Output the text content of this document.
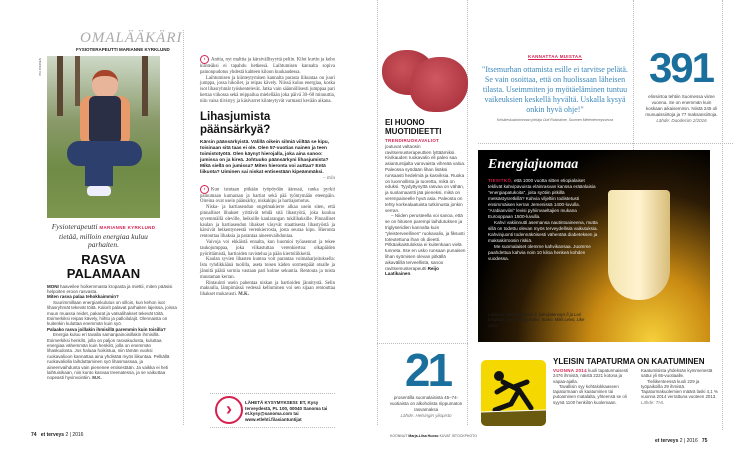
OMALÄÄKÄRI
FYSIOTERAPEUTTI MARIANNE KYRKLUND
PIA INKINEN
Fysioterapeutti MARIANNE KYRKLUND tietää, milloin energiaa kuluu parhaiten.
RASVA PALAMAAN
MONI haaveilee hoikemmasta kropasta ja miettii, miten pääsisi helpoiten eroon rasvasta.
Miten rasva palaa tehokkaimmin?

Suurimmillaan energiankulutus on silloin, kun kehon isot lihasryhmät tekevät töitä. Kalorit palavat parhaiten lajeissa, joissa muun muassa reidet, pakarat ja vatsalihakset tekevät töitä. Esimerkiksi reipas kävely, hiihto ja palloilulajit. Olennaista on kuitenkin kuluttaa enemmän kuin syö.

Palaako rasva joillakin ihmisillä paremmin kuin toisilla?

Energia kuluu eri tavalla samanpainoisillakin ihmisillä. Esimerkiksi henkilö, jolla on paljon rasvakudosta, kuluttaa energiaa vähemmän kuin henkilö, jolla on enemmän lihaskudosta. Jos haluaa hoikistua, niin tämän vuoksi ruokavalioon kannattaa aina yhdistää myös liikuntaa. Pelkällä ruokavaliolla laihduttaminen syö lihasmassaa, ja aineenvaihdunta vain pienenee entisestään. Ja vaikka ei heti laihtuisikaan, niin kunto kasvaa treenatessa, ja se vaikuttaa nopeasti hyvinvointiin. M.K.

74 et terveys 2 | 2016
› Anitta, nyt malttia ja kärsivällisyyttä peliin. Kilot kurtin ja keho kiinteäksi ei tapahdu hetkessä. Laihtumisen kannalta sopiva painonpudotus yhdestä kahteen kiloon kuukaudessa.

Laihtumisen ja kiinteytymisen kannalta parasta liikuntaa on juuri jumppa, jossa hikoilet, ja reipas kävely. Niissä kuluu energiaa, koska isot lihasryhmät työskentelevät. Jatka vain säännöllisesti jumppaa pari kertaa viikossa sekä reippailua mielellään joka päivä 30–60 minuuttia, niin vaisa tiivistyy ja käsivarret kiinteytyvät varmasti kevään aikana.

Lihasjumista päänsärkyä?
Kärsin päänsärkyistä. Välillä oikein silmiä viiltää se kipu, toisinaan sitä taas ei ole. Olen 57-vuotias nainen ja teen toimistotyötä. Olen käynyt hierojalla, joka aina sanoo: jumissa on ja kireä. Johtuuko päänsärkyni lihasjumista? Mikä siellä on jumissa? Miten hieronta voi auttaa? Entä liikunta? Uiminen sai niskat entisestään kipeämmäksi.
– Eila
› Kun istutaan pitkään työpöydän ääressä, ranka pyrkii painumaan kumaraan ja hartiat sekä pää työntymään eteenpäin. Oireina ovat usein päänsärky, niskakipu ja hartiajomotus.

Niska- ja hartiaseudun ongelmakierre alkaa usein siten, että pinnalliset lihakset yrittävät tehdä sitä lihastyötä, joka kuuluu syvemmällä oleville, heikoille kaularangan tukilihaksille. Pinnalliset kaulan ja hartiaseudun lihakset väsyvät staattisesta lihastyöstä ja kärsivät heikentyneestä verenkierrosta, josta seuraa kipu. Hieronta rentouttaa lihaksia ja parantaa aineenvaihduntaa.

Vaivoja voi ehkäistä ennalta, kun huomioi työasennot ja tekee taukojumppaa, joka vilkastuttaa verenkiertoa: olkapäiden pyörittämistä, hartioiden ravistelua ja pään kiertoliikkeitä.

Kaulan syvien lihasten kuntoa voit parantaa voimaharjoituksella: Istu ryhdikkäänä tuolilla, aseta toisen käden sormenpäät otsalle ja jännitä päätä sormia vastaan pari kolme sekuntia. Rentouta ja toista muutaman kerran.

Rintauinti usein pahentaa niskan ja hartioiden jännitystä. Selin makuulla, lämpimässä vedessä kelluminen voi sen sijaan rentouttaa lihakset mukavasti. M.K.

›	LÄHETÄ KYSYMYKSESI: ET, Kysy terveydestä, PL 100, 00040 Sanoma tai et.kysy@sanoma.com tai www.etlehti.fi/asiantuntijat
EI HUONO MUOTIDIEETTI
TRENDIRUOKAVALIOT
joutuvat valtaosin ravitsemusterapeuttien lyttäämiksi. Kivikauden ruokavalio eli paleo saa asiantuntijalta varovaista vihreää valoa. Paleossa syödään lihan lisäksi runsaasti hedelmiä ja kasviksia. Ruoka on luonnollista ja tuoretta, mikä on eduksi. Tyydyttynyttä rasvaa on vähän, ja suolamaantti jää pieneksi, mikä on verenpaineelle hyvä asia. Paleosta on tehty korkealaatuista tutkimusta jonkin verran.

– Niiden perusteella voi sanoa, että se on hitusen parempi laihdutuksen ja triglyseridien kannalta kuin "yleisterveellinen" ruokavalio, ja fiksusti toteutettuna ihan ok dieetti. Pitkäaikaistuloksia ei kuitenkaan vielä tunneta. Itse en usko runsaan punaisen lihan syömisen olevan pitkällä aikavälillä terveellistä, sanoo ravitsemusterapeutti Reijo Laatikainen.

KANNATTAA MUISTAA
"Itsemurhan ottamista esille ei tarvitse pelätä. Se vain osoittaa, että on huolissaan läheisen tilasta. Useimmiten jo myötäeläminen tuntuu vaikeuksien keskellä hyvältä. Uskalla kysyä onkin hyvä ohje!"
Kriisikeskustoiminnan johtaja Outi Ruishalme, Suomen Mielenterveysseura
391
elinsiirtoa tehtiin Suomessa viime vuonna. Se on enemmän kuin koskaan aikaisemmin. Niistä 245 oli munuaissiirtoja ja 77 maksansiirtoja.
Lähde: Duodecim 2/2016
Energiajuomaa
TIESITKÖ, että 1000 vuotta sitten etiopialaiset teklivät kahvipavuista eläinrasvan kanssa eräänlaisia "energiapatukoita", joita syötiin pitkillä metsästysretkillä? Kahvia viljeltiin todistetusti ensimmäisen kerran Jemenissä 1400-luvulla. "Arabianviini" levisi pyhiinvaeltajien mukana Eurooppaan 1500-luvulla.

Kahvi vakiinnutti asemansa nautintoaineena, mutta sillä on todettu olevan myös terveydellisiä vaikutuksia. Kahvinjuonti todennäköisesti vähentää diabeteksen ja maksakirroosin riskiä.

Me suomalaiset olemme kahvikansaa. Juomme paahdettua kahvia noin 10 kiloa henkeä kohden vuodessa.

Lähteinä: terveyskirjasto.fi, kahvijatervays.fi ja Lori Kingston: Näin syntyy kahvi. Suom. Mikli Leivo, Like 2015.
21
prosentilla suomalaisista 45–74-vuotiaista on alkoholista riippumaton rasvamaksa
Lähde: Helsingin yliopisto
KOONNUT Marja-Liisa Huoso KUVAT ISTOCKPHOTO
YLEISIN TAPATURMA ON KAATUMINEN
VUONNA 2014 kuoli tapaturmaisesti 2476 ihmistä, näistä 2221 kotona ja vapaa-ajalla.

Tavallisin syy kohtalokkaaseen tapaturmaan oli kaatuminen tai putoaminen matalalta, yhteensä se oli syynä 1100 henkilön kuolemaan. Kaatumisista yhdeksän kymmenestä sattui yli 65-vuotiaalle.

Tieliikenteessä kuoli 229 ja työpaikoilla 29 ihmistä. Tapaturmakuolemien määrä laski 4,1 % vuonna 2014 verrattuna vuoteen 2013.

Lähde: THL
et terveys 2 | 2016 75
